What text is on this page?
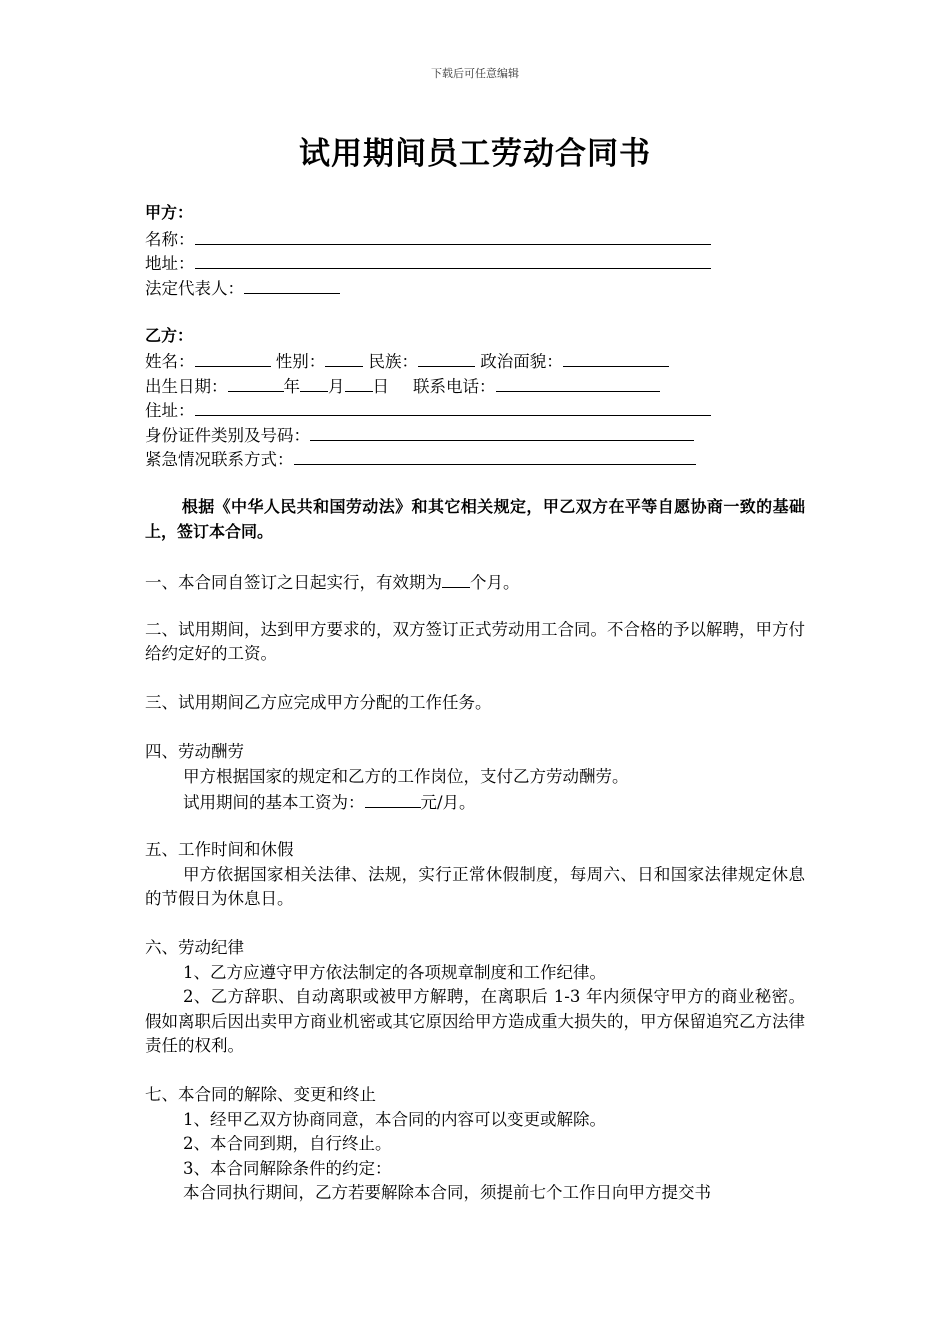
下载后可任意编辑
试用期间员工劳动合同书
甲方：
名称：
地址：
法定代表人：
乙方：
姓名：	性别：	民族：	政治面貌：
出生日期：	年 月 日 联系电话：
住址：
身份证件类别及号码：
紧急情况联系方式：
根据《中华人民共和国劳动法》和其它相关规定，甲乙双方在平等自愿协商一致的基础上，签订本合同。
一、本合同自签订之日起实行，有效期为 个月。
二、试用期间，达到甲方要求的，双方签订正式劳动用工合同。不合格的予以解聘，甲方付给约定好的工资。
三、试用期间乙方应完成甲方分配的工作任务。
四、劳动酬劳
甲方根据国家的规定和乙方的工作岗位，支付乙方劳动酬劳。
试用期间的基本工资为：	元/月。
五、工作时间和休假
甲方依据国家相关法律、法规，实行正常休假制度，每周六、日和国家法律规定休息的节假日为休息日。
六、劳动纪律
1、乙方应遵守甲方依法制定的各项规章制度和工作纪律。
2、乙方辞职、自动离职或被甲方解聘，在离职后 1-3 年内须保守甲方的商业秘密。假如离职后因出卖甲方商业机密或其它原因给甲方造成重大损失的，甲方保留追究乙方法律责任的权利。
七、本合同的解除、变更和终止
1、经甲乙双方协商同意，本合同的内容可以变更或解除。
2、本合同到期，自行终止。
3、本合同解除条件的约定：
本合同执行期间，乙方若要解除本合同，须提前七个工作日向甲方提交书
